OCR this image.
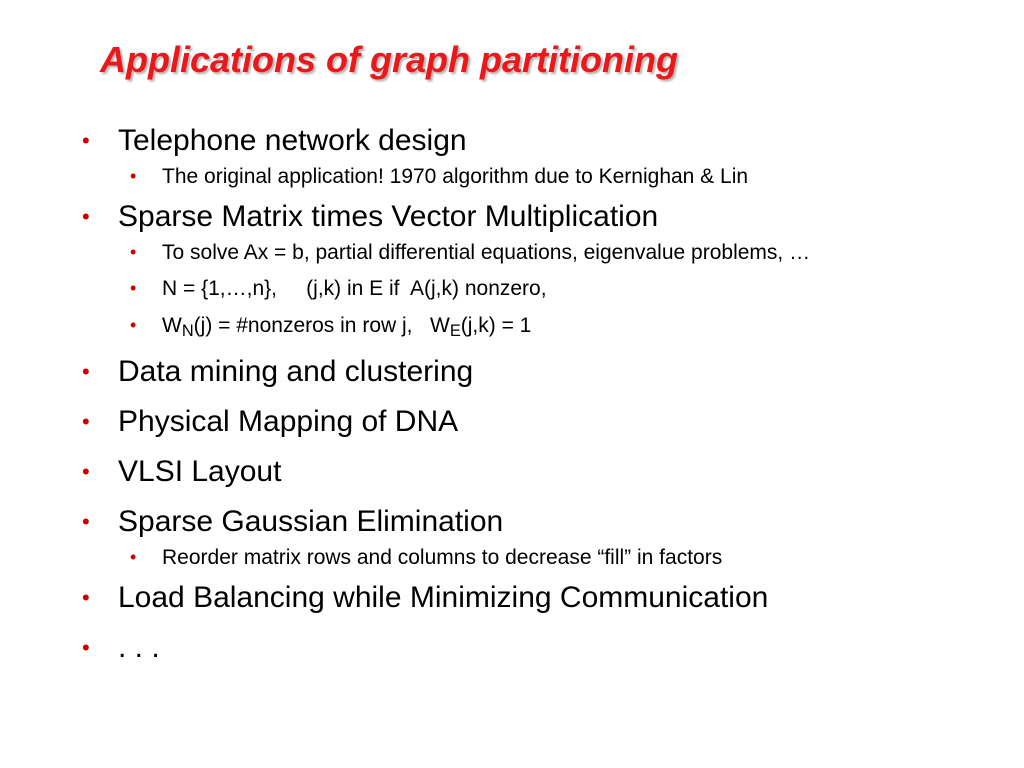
Applications of graph partitioning
• Telephone network design
• The original application! 1970 algorithm due to Kernighan & Lin
• Sparse Matrix times Vector Multiplication
• To solve Ax = b, partial differential equations, eigenvalue problems, …
• N = {1,…,n},     (j,k) in E if  A(j,k) nonzero,
• $W_N(j)$ = #nonzeros in row j,   $W_E(j,k) = 1$
• Data mining and clustering
• Physical Mapping of DNA
• VLSI Layout
• Sparse Gaussian Elimination
• Reorder matrix rows and columns to decrease “fill” in factors
• Load Balancing while Minimizing Communication
• . . .
